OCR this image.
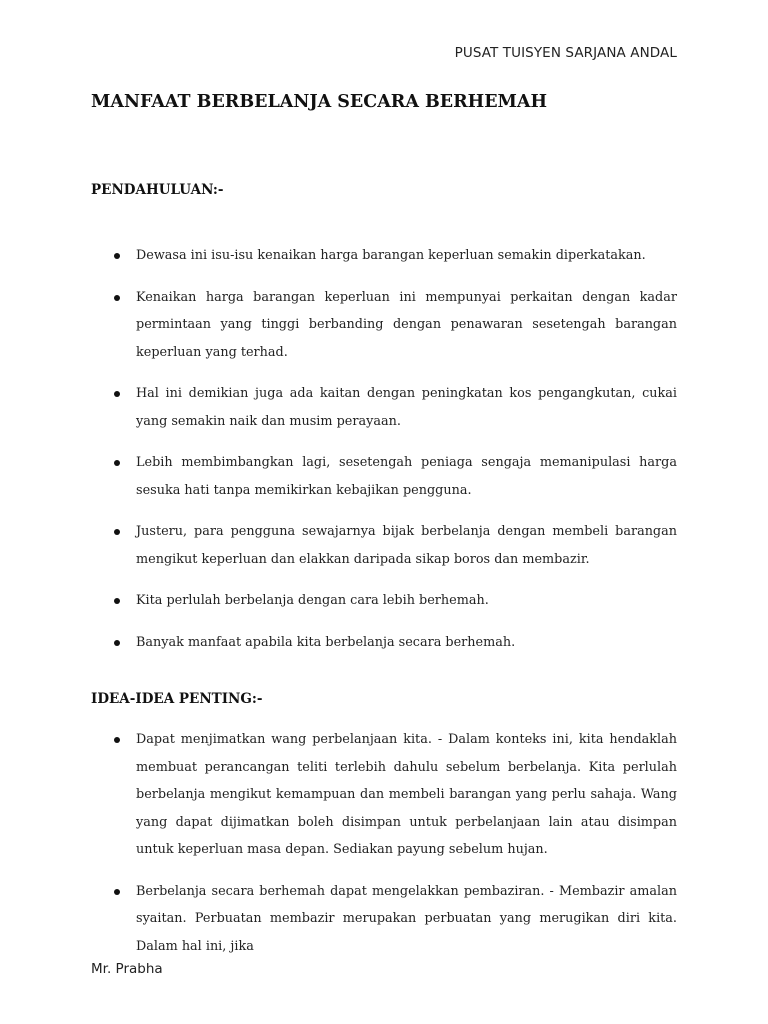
PUSAT TUISYEN SARJANA ANDAL
MANFAAT BERBELANJA SECARA BERHEMAH
PENDAHULUAN:-
Dewasa ini isu-isu kenaikan harga barangan keperluan semakin diperkatakan.
Kenaikan harga barangan keperluan ini mempunyai perkaitan dengan kadar permintaan yang tinggi berbanding dengan penawaran sesetengah barangan keperluan yang terhad.
Hal ini demikian juga ada kaitan dengan peningkatan kos pengangkutan, cukai yang semakin naik dan musim perayaan.
Lebih membimbangkan lagi, sesetengah peniaga sengaja memanipulasi harga sesuka hati tanpa memikirkan kebajikan pengguna.
Justeru, para pengguna sewajarnya bijak berbelanja dengan membeli barangan mengikut keperluan dan elakkan daripada sikap boros dan membazir.
Kita perlulah berbelanja dengan cara lebih berhemah.
Banyak manfaat apabila kita berbelanja secara berhemah.
IDEA-IDEA PENTING:-
Dapat menjimatkan wang perbelanjaan kita. - Dalam konteks ini, kita hendaklah membuat perancangan teliti terlebih dahulu sebelum berbelanja. Kita perlulah berbelanja mengikut kemampuan dan membeli barangan yang perlu sahaja. Wang yang dapat dijimatkan boleh disimpan untuk perbelanjaan lain atau disimpan untuk keperluan masa depan. Sediakan payung sebelum hujan.
Berbelanja secara berhemah dapat mengelakkan pembaziran. - Membazir amalan syaitan. Perbuatan membazir merupakan perbuatan yang merugikan diri kita. Dalam hal ini, jika
Mr. Prabha
